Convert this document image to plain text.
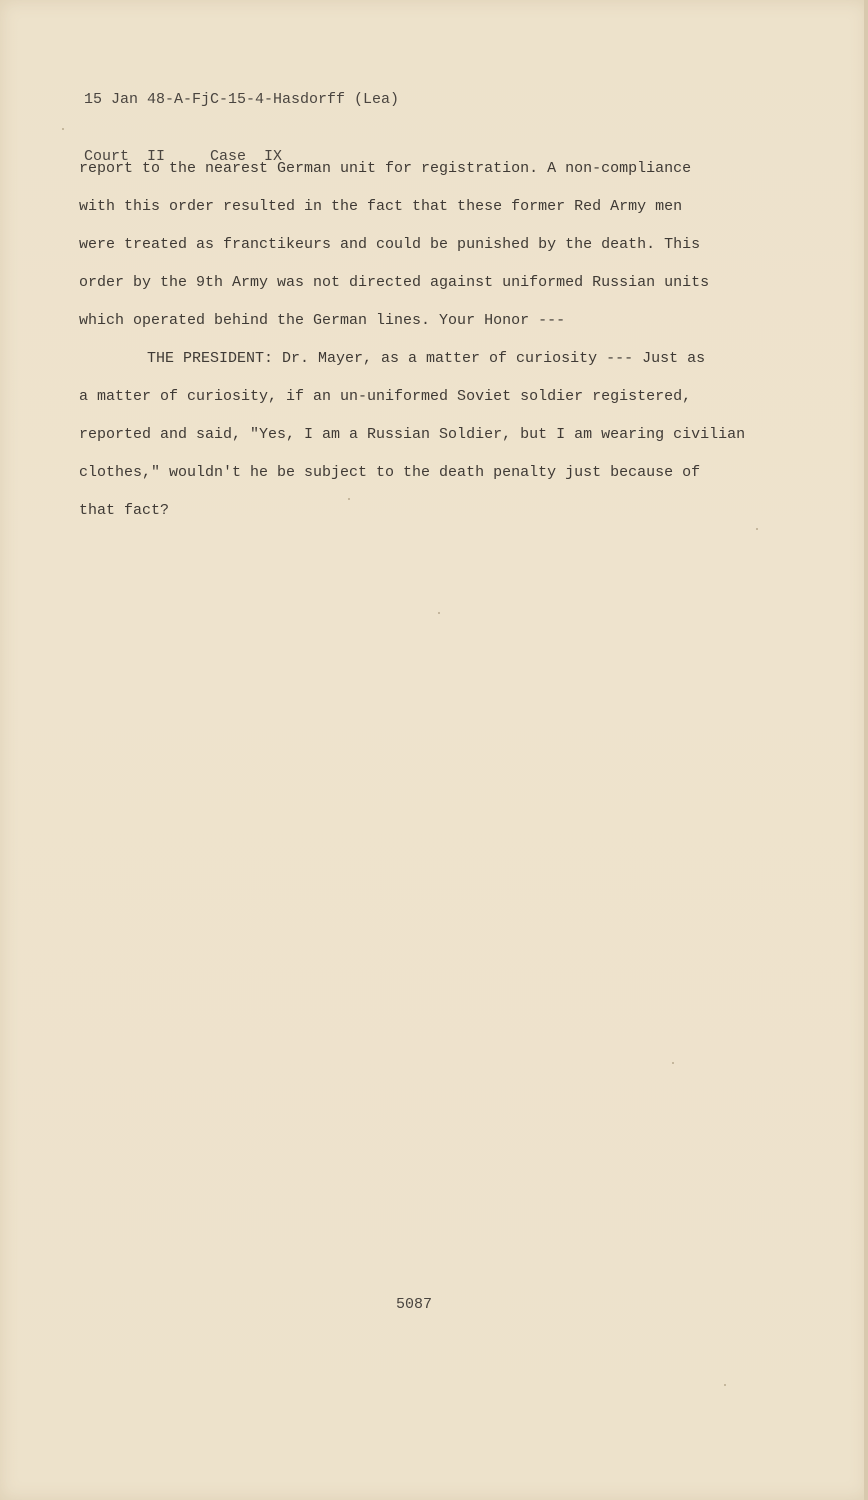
15 Jan 48-A-FjC-15-4-Hasdorff (Lea)

Court  II     Case  IX

report to the nearest German unit for registration. A non-compliance
with this order resulted in the fact that these former Red Army men
were treated as franctikeurs and could be punished by the death. This
order by the 9th Army was not directed against uniformed Russian units
which operated behind the German lines. Your Honor ---
THE PRESIDENT: Dr. Mayer, as a matter of curiosity --- Just as
a matter of curiosity, if an un-uniformed Soviet soldier registered,
reported and said, "Yes, I am a Russian Soldier, but I am wearing civilian
clothes," wouldn't he be subject to the death penalty just because of
that fact?
5087
